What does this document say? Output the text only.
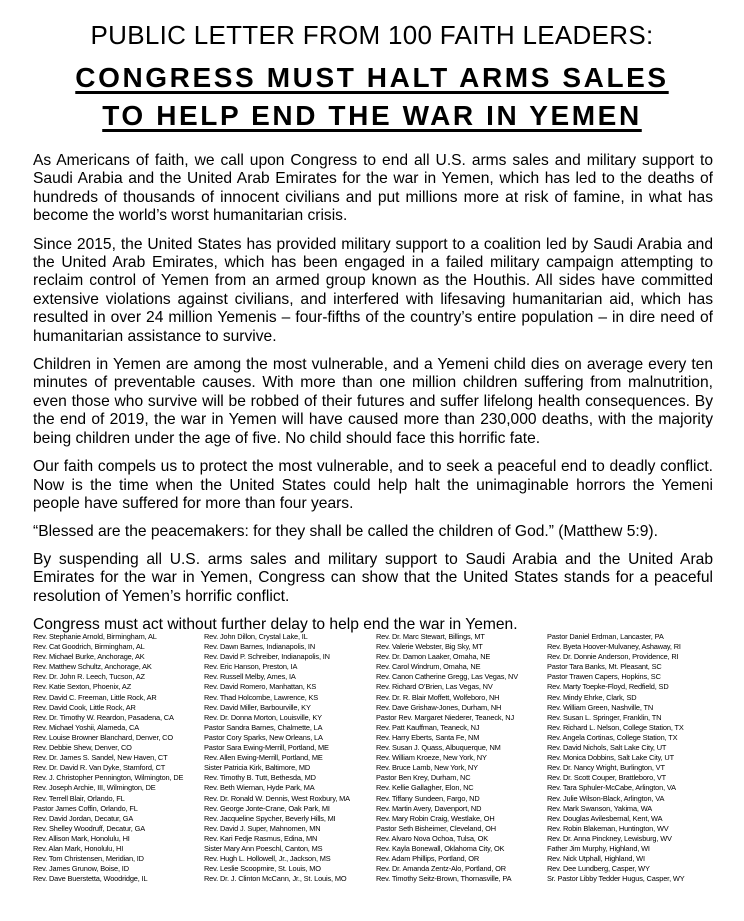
PUBLIC LETTER FROM 100 FAITH LEADERS:
CONGRESS MUST HALT ARMS SALES
TO HELP END THE WAR IN YEMEN

As Americans of faith, we call upon Congress to end all U.S. arms sales and military support to Saudi Arabia and the United Arab Emirates for the war in Yemen, which has led to the deaths of hundreds of thousands of innocent civilians and put millions more at risk of famine, in what has become the world’s worst humanitarian crisis.

Since 2015, the United States has provided military support to a coalition led by Saudi Arabia and the United Arab Emirates, which has been engaged in a failed military campaign attempting to reclaim control of Yemen from an armed group known as the Houthis. All sides have committed extensive violations against civilians, and interfered with lifesaving humanitarian aid, which has resulted in over 24 million Yemenis – four-fifths of the country’s entire population – in dire need of humanitarian assistance to survive.

Children in Yemen are among the most vulnerable, and a Yemeni child dies on average every ten minutes of preventable causes. With more than one million children suffering from malnutrition, even those who survive will be robbed of their futures and suffer lifelong health consequences. By the end of 2019, the war in Yemen will have caused more than 230,000 deaths, with the majority being children under the age of five. No child should face this horrific fate.

Our faith compels us to protect the most vulnerable, and to seek a peaceful end to deadly conflict. Now is the time when the United States could help halt the unimaginable horrors the Yemeni people have suffered for more than four years.

“Blessed are the peacemakers: for they shall be called the children of God.” (Matthew 5:9).

By suspending all U.S. arms sales and military support to Saudi Arabia and the United Arab Emirates for the war in Yemen, Congress can show that the United States stands for a peaceful resolution of Yemen’s horrific conflict.

Congress must act without further delay to help end the war in Yemen.

Rev. Stephanie Arnold, Birmingham, AL
Rev. Cat Goodrich, Birmingham, AL
Rev. Michael Burke, Anchorage, AK
Rev. Matthew Schultz, Anchorage, AK
Rev. Dr. John R. Leech, Tucson, AZ
Rev. Katie Sexton, Phoenix, AZ
Rev. David C. Freeman, Little Rock, AR
Rev. David Cook, Little Rock, AR
Rev. Dr. Timothy W. Reardon, Pasadena, CA
Rev. Michael Yoshii, Alameda, CA
Rev. Louise Browner Blanchard, Denver, CO
Rev. Debbie Shew, Denver, CO
Rev. Dr. James S. Sandel, New Haven, CT
Rev. Dr. David R. Van Dyke, Stamford, CT
Rev. J. Christopher Pennington, Wilmington, DE
Rev. Joseph Archie, III, Wilmington, DE
Rev. Terrell Blair, Orlando, FL
Pastor James Coffin, Orlando, FL
Rev. David Jordan, Decatur, GA
Rev. Shelley Woodruff, Decatur, GA
Rev. Allison Mark, Honolulu, HI
Rev. Alan Mark, Honolulu, HI
Rev. Tom Christensen, Meridian, ID
Rev. James Grunow, Boise, ID
Rev. Dave Buerstetta, Woodridge, IL
Rev. John Dillon, Crystal Lake, IL
Rev. Dawn Barnes, Indianapolis, IN
Rev. David P. Schreiber, Indianapolis, IN
Rev. Eric Hanson, Preston, IA
Rev. Russell Melby, Ames, IA
Rev. David Romero, Manhattan, KS
Rev. Thad Holcombe, Lawrence, KS
Rev. David Miller, Barbourville, KY
Rev. Dr. Donna Morton, Louisville, KY
Pastor Sandra Barnes, Chalmette, LA
Pastor Cory Sparks, New Orleans, LA
Pastor Sara Ewing-Merrill, Portland, ME
Rev. Allen Ewing-Merrill, Portland, ME
Sister Patricia Kirk, Baltimore, MD
Rev. Timothy B. Tutt, Bethesda, MD
Rev. Beth Wiernan, Hyde Park, MA
Rev. Dr. Ronald W. Dennis, West Roxbury, MA
Rev. George Jonte-Crane, Oak Park, MI
Rev. Jacqueline Spycher, Beverly Hills, MI
Rev. David J. Super, Mahnomen, MN
Rev. Kari Fedje Rasmus, Edina, MN
Sister Mary Ann Poeschl, Canton, MS
Rev. Hugh L. Hollowell, Jr., Jackson, MS
Rev. Leslie Scoopmire, St. Louis, MO
Rev. Dr. J. Clinton McCann, Jr., St. Louis, MO
Rev. Dr. Marc Stewart, Billings, MT
Rev. Valerie Webster, Big Sky, MT
Rev. Dr. Damon Laaker, Omaha, NE
Rev. Carol Windrum, Omaha, NE
Rev. Canon Catherine Gregg, Las Vegas, NV
Rev. Richard O’Brien, Las Vegas, NV
Rev. Dr. R. Blair Moffett, Wolfeboro, NH
Rev. Dave Grishaw-Jones, Durham, NH
Pastor Rev. Margaret Niederer, Teaneck, NJ
Rev. Patt Kauffman, Teaneck, NJ
Rev. Harry Eberts, Santa Fe, NM
Rev. Susan J. Quass, Albuquerque, NM
Rev. William Kroeze, New York, NY
Rev. Bruce Lamb, New York, NY
Pastor Ben Krey, Durham, NC
Rev. Kellie Gallagher, Elon, NC
Rev. Tiffany Sundeen, Fargo, ND
Rev. Martin Avery, Davenport, ND
Rev. Mary Robin Craig, Westlake, OH
Pastor Seth Bisheimer, Cleveland, OH
Rev. Alvaro Nova Ochoa, Tulsa, OK
Rev. Kayla Bonewall, Oklahoma City, OK
Rev. Adam Phillips, Portland, OR
Rev. Dr. Amanda Zentz-Alo, Portland, OR
Rev. Timothy Seitz-Brown, Thornasville, PA
Pastor Daniel Erdman, Lancaster, PA
Rev. Byeta Hoover-Mulvaney, Ashaway, RI
Rev. Dr. Donnie Anderson, Providence, RI
Pastor Tara Banks, Mt. Pleasant, SC
Pastor Trawen Capers, Hopkins, SC
Rev. Marty Toepke-Floyd, Redfield, SD
Rev. Mindy Ehrke, Clark, SD
Rev. William Green, Nashville, TN
Rev. Susan L. Springer, Franklin, TN
Rev. Richard L. Nelson, College Station, TX
Rev. Angela Cortinas, College Station, TX
Rev. David Nichols, Salt Lake City, UT
Rev. Monica Dobbins, Salt Lake City, UT
Rev. Dr. Nancy Wright, Burlington, VT
Rev. Dr. Scott Couper, Brattleboro, VT
Rev. Tara Sphuler-McCabe, Arlington, VA
Rev. Julie Wilson-Black, Arlington, VA
Rev. Mark Swanson, Yakima, WA
Rev. Douglas Avilesbernal, Kent, WA
Rev. Robin Blakeman, Huntington, WV
Rev. Dr. Anna Pinckney, Lewisburg, WV
Father Jim Murphy, Highland, WI
Rev. Nick Utphall, Highland, WI
Rev. Dee Lundberg, Casper, WY
Sr. Pastor Libby Tedder Hugus, Casper, WY
